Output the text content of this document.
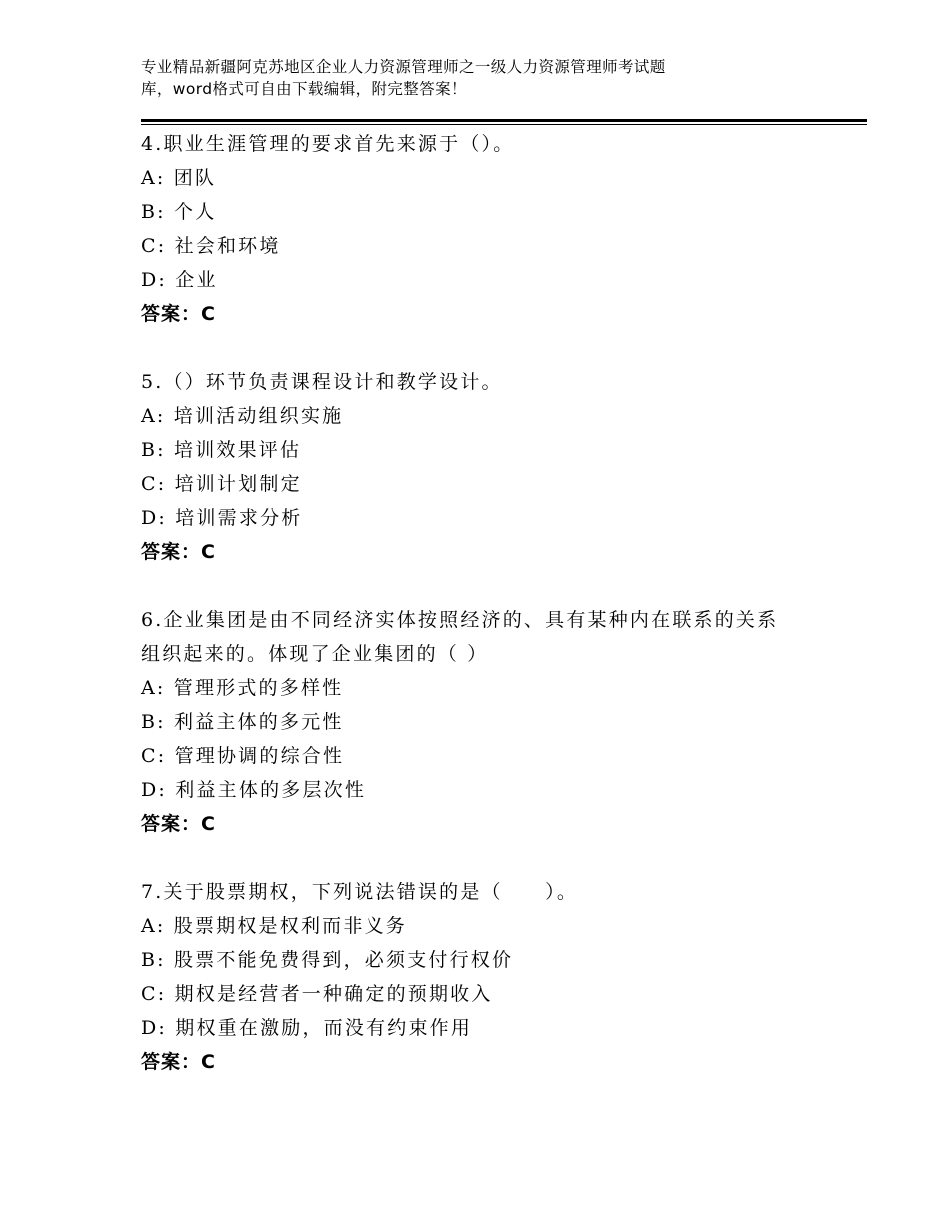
专业精品新疆阿克苏地区企业人力资源管理师之一级人力资源管理师考试题
库，word格式可自由下载编辑，附完整答案！
4.职业生涯管理的要求首先来源于（）。
A: 团队
B: 个人
C: 社会和环境
D: 企业
答案：C
5.（）环节负责课程设计和教学设计。
A: 培训活动组织实施
B: 培训效果评估
C: 培训计划制定
D: 培训需求分析
答案：C
6.企业集团是由不同经济实体按照经济的、具有某种内在联系的关系
组织起来的。体现了企业集团的（ ）
A: 管理形式的多样性
B: 利益主体的多元性
C: 管理协调的综合性
D: 利益主体的多层次性
答案：C
7.关于股票期权，下列说法错误的是（　　）。
A: 股票期权是权利而非义务
B: 股票不能免费得到，必须支付行权价
C: 期权是经营者一种确定的预期收入
D: 期权重在激励，而没有约束作用
答案：C
